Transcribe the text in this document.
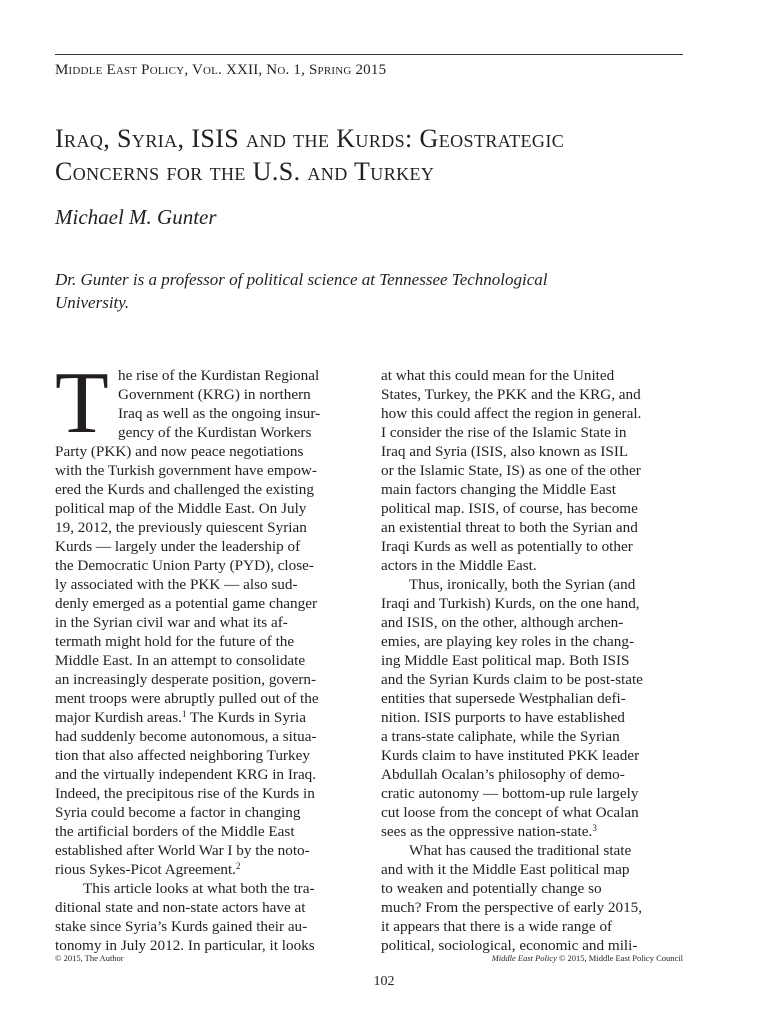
Middle East Policy, Vol. XXII, No. 1, Spring 2015
Iraq, Syria, ISIS and the Kurds: Geostrategic
Concerns for the U.S. and Turkey
Michael M. Gunter
Dr. Gunter is a professor of political science at Tennessee Technological
University.
T he rise of the Kurdistan Regional
Government (KRG) in northern
Iraq as well as the ongoing insur-
gency of the Kurdistan Workers
Party (PKK) and now peace negotiations
with the Turkish government have empow-
ered the Kurds and challenged the existing
political map of the Middle East. On July
19, 2012, the previously quiescent Syrian
Kurds — largely under the leadership of
the Democratic Union Party (PYD), close-
ly associated with the PKK — also sud-
denly emerged as a potential game changer
in the Syrian civil war and what its af-
termath might hold for the future of the
Middle East. In an attempt to consolidate
an increasingly desperate position, govern-
ment troops were abruptly pulled out of the
major Kurdish areas.$^1$ The Kurds in Syria
had suddenly become autonomous, a situa-
tion that also affected neighboring Turkey
and the virtually independent KRG in Iraq.
Indeed, the precipitous rise of the Kurds in
Syria could become a factor in changing
the artificial borders of the Middle East
established after World War I by the noto-
rious Sykes-Picot Agreement.$^2$
This article looks at what both the tra-
ditional state and non-state actors have at
stake since Syria’s Kurds gained their au-
tonomy in July 2012. In particular, it looks
at what this could mean for the United
States, Turkey, the PKK and the KRG, and
how this could affect the region in general.
I consider the rise of the Islamic State in
Iraq and Syria (ISIS, also known as ISIL
or the Islamic State, IS) as one of the other
main factors changing the Middle East
political map. ISIS, of course, has become
an existential threat to both the Syrian and
Iraqi Kurds as well as potentially to other
actors in the Middle East.
Thus, ironically, both the Syrian (and
Iraqi and Turkish) Kurds, on the one hand,
and ISIS, on the other, although archen-
emies, are playing key roles in the chang-
ing Middle East political map. Both ISIS
and the Syrian Kurds claim to be post-state
entities that supersede Westphalian defi-
nition. ISIS purports to have established
a trans-state caliphate, while the Syrian
Kurds claim to have instituted PKK leader
Abdullah Ocalan’s philosophy of demo-
cratic autonomy — bottom-up rule largely
cut loose from the concept of what Ocalan
sees as the oppressive nation-state.$^3$
What has caused the traditional state
and with it the Middle East political map
to weaken and potentially change so
much? From the perspective of early 2015,
it appears that there is a wide range of
political, sociological, economic and mili-
© 2015, The Author	Middle East Policy © 2015, Middle East Policy Council
102
